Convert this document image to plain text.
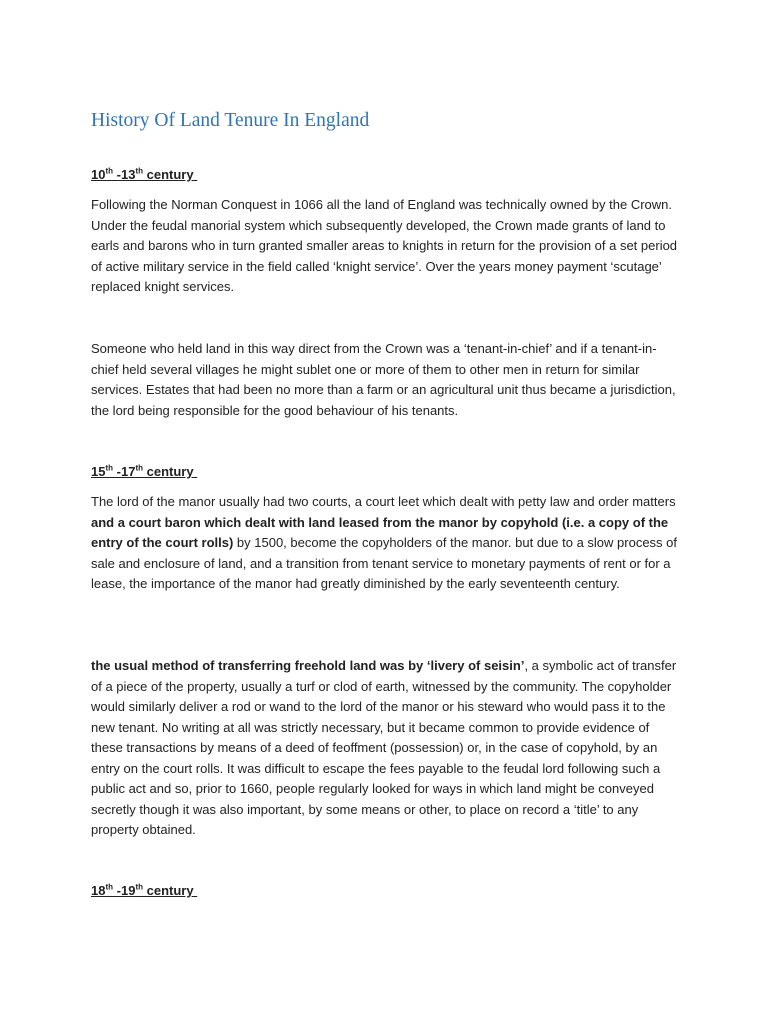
History Of Land Tenure In England

10th -13th century

Following the Norman Conquest in 1066 all the land of England was technically owned by the Crown. Under the feudal manorial system which subsequently developed, the Crown made grants of land to earls and barons who in turn granted smaller areas to knights in return for the provision of a set period of active military service in the field called ‘knight service’. Over the years money payment ‘scutage’ replaced knight services.

Someone who held land in this way direct from the Crown was a ‘tenant-in-chief’ and if a tenant-in-chief held several villages he might sublet one or more of them to other men in return for similar services. Estates that had been no more than a farm or an agricultural unit thus became a jurisdiction, the lord being responsible for the good behaviour of his tenants.

15th -17th century

The lord of the manor usually had two courts, a court leet which dealt with petty law and order matters and a court baron which dealt with land leased from the manor by copyhold (i.e. a copy of the entry of the court rolls) by 1500, become the copyholders of the manor. but due to a slow process of sale and enclosure of land, and a transition from tenant service to monetary payments of rent or for a lease, the importance of the manor had greatly diminished by the early seventeenth century.

the usual method of transferring freehold land was by ‘livery of seisin’, a symbolic act of transfer of a piece of the property, usually a turf or clod of earth, witnessed by the community. The copyholder would similarly deliver a rod or wand to the lord of the manor or his steward who would pass it to the new tenant. No writing at all was strictly necessary, but it became common to provide evidence of these transactions by means of a deed of feoffment (possession) or, in the case of copyhold, by an entry on the court rolls. It was difficult to escape the fees payable to the feudal lord following such a public act and so, prior to 1660, people regularly looked for ways in which land might be conveyed secretly though it was also important, by some means or other, to place on record a ‘title’ to any property obtained.

18th -19th century
